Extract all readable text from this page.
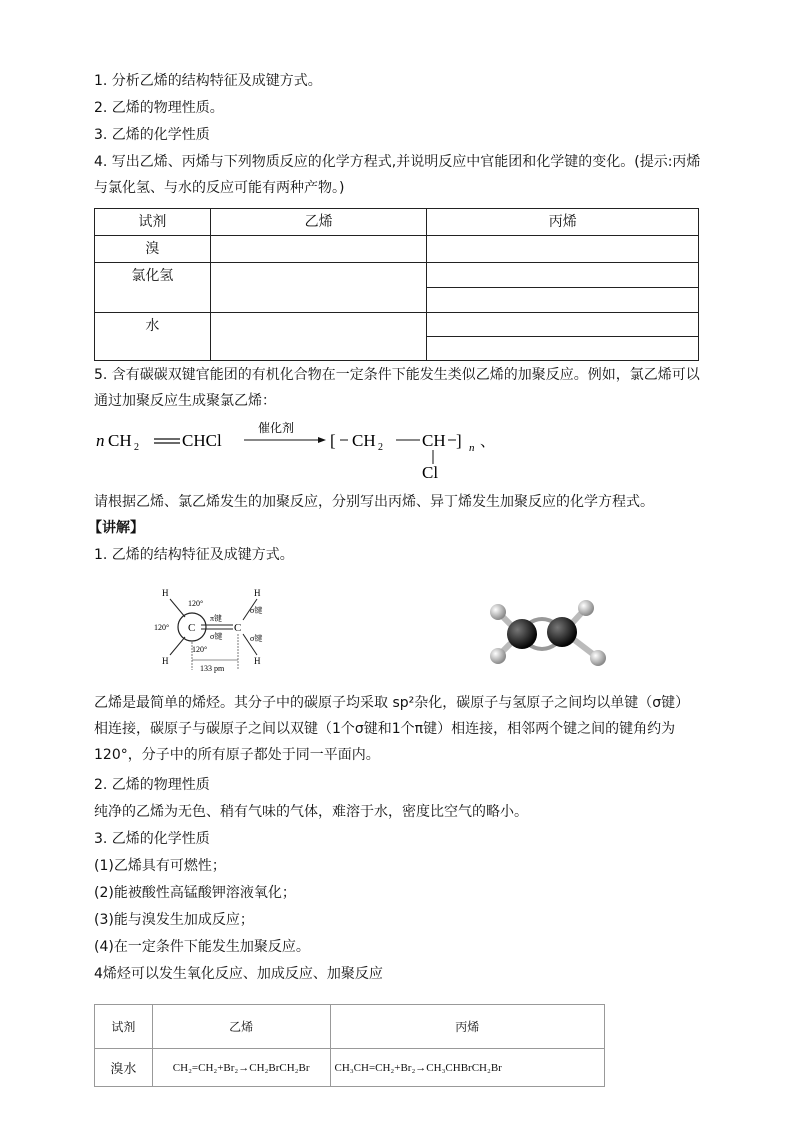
1. 分析乙烯的结构特征及成键方式。
2. 乙烯的物理性质。
3. 乙烯的化学性质
4. 写出乙烯、丙烯与下列物质反应的化学方程式,并说明反应中官能团和化学键的变化。(提示:丙烯与氯化氢、与水的反应可能有两种产物。)
试剂	乙烯	丙烯
溴		
氯化氢		

水		

5. 含有碳碳双键官能团的有机化合物在一定条件下能发生类似乙烯的加聚反应。例如，氯乙烯可以通过加聚反应生成聚氯乙烯：
n CH 2	CHCl
催化剂
[ CH 2 CH ] n 、
Cl
请根据乙烯、氯乙烯发生的加聚反应，分别写出丙烯、异丁烯发生加聚反应的化学方程式。
【讲解】
1. 乙烯的结构特征及成键方式。
H
H
H
H
C	C
120°
120°
120°
π键
σ键
σ键
σ键
133 pm
乙烯是最简单的烯烃。其分子中的碳原子均采取 sp²杂化，碳原子与氢原子之间均以单键（σ键）相连接，碳原子与碳原子之间以双键（1个σ键和1个π键）相连接，相邻两个键之间的键角约为120°，分子中的所有原子都处于同一平面内。
2. 乙烯的物理性质
纯净的乙烯为无色、稍有气味的气体，难溶于水，密度比空气的略小。
3. 乙烯的化学性质
(1)乙烯具有可燃性；
(2)能被酸性高锰酸钾溶液氧化；
(3)能与溴发生加成反应；
(4)在一定条件下能发生加聚反应。
4烯烃可以发生氧化反应、加成反应、加聚反应
试剂	乙烯	丙烯
溴水	CH₂=CH₂+Br₂→CH₂BrCH₂Br	CH₃CH=CH₂+Br₂→CH₃CHBrCH₂Br
